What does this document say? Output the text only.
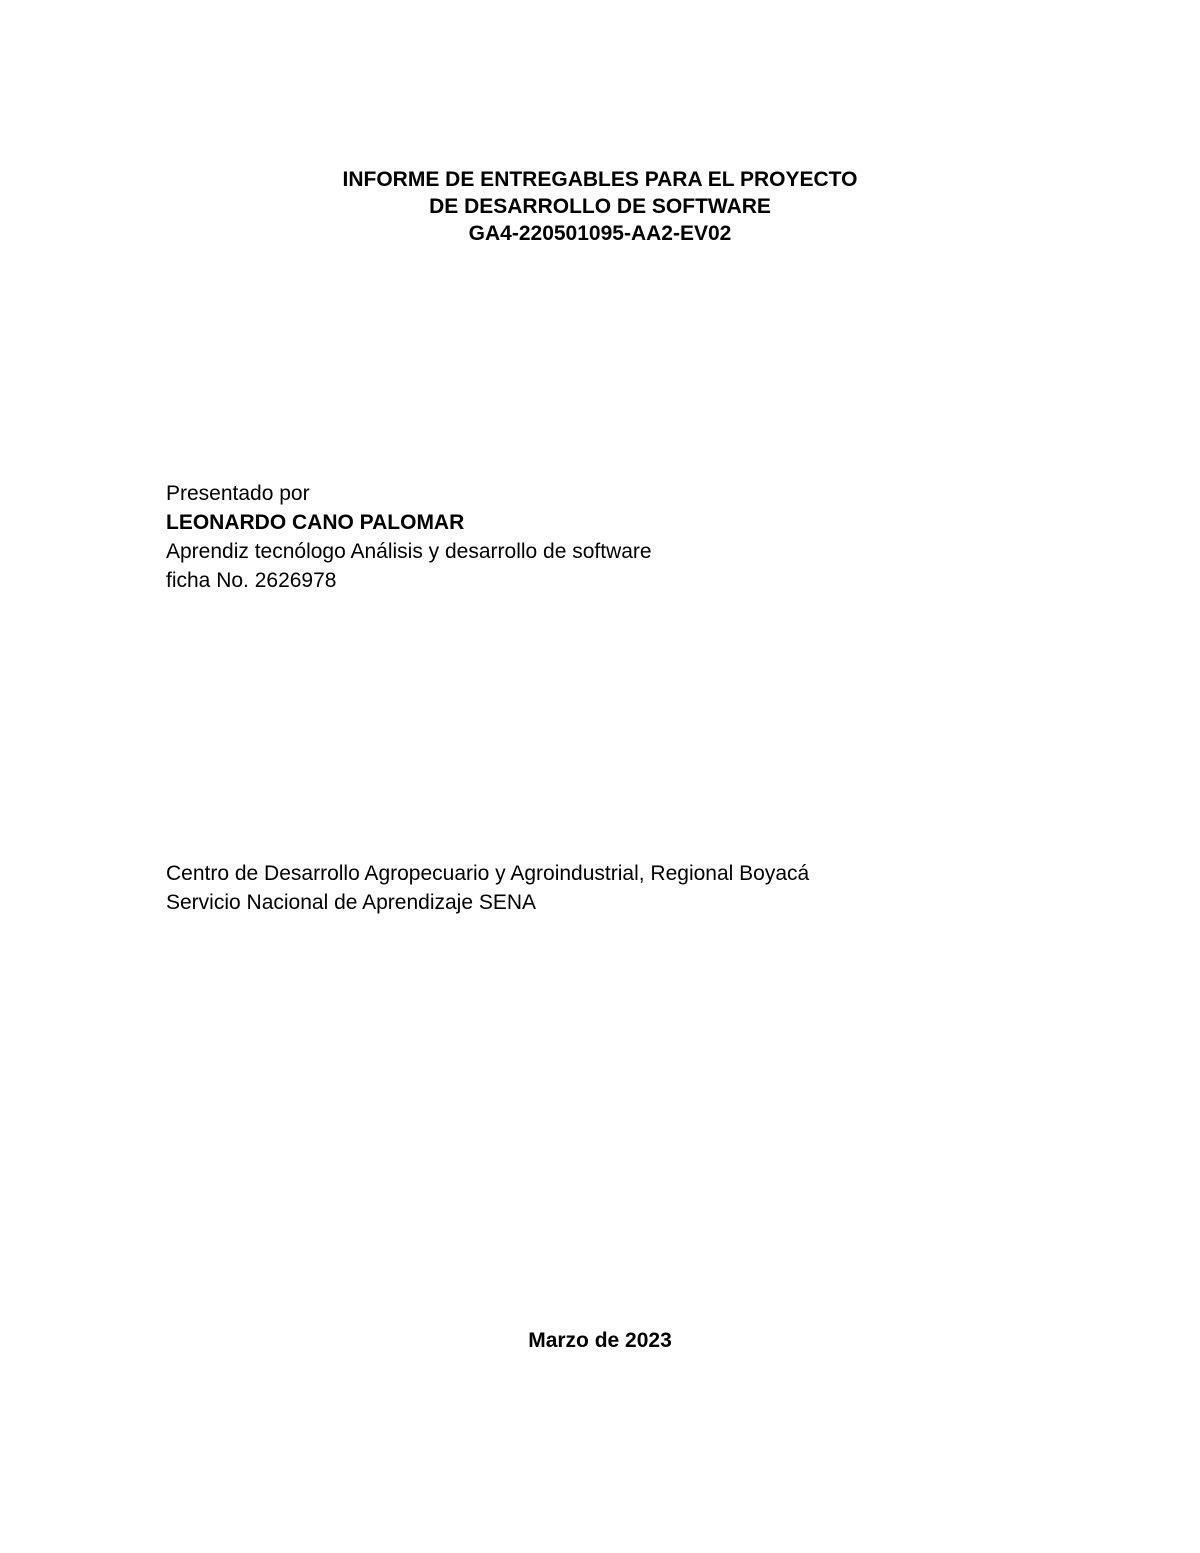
INFORME DE ENTREGABLES PARA EL PROYECTO
DE DESARROLLO DE SOFTWARE
GA4-220501095-AA2-EV02
Presentado por
LEONARDO CANO PALOMAR
Aprendiz tecnólogo Análisis y desarrollo de software
ficha No. 2626978
Centro de Desarrollo Agropecuario y Agroindustrial, Regional Boyacá
Servicio Nacional de Aprendizaje SENA
Marzo de 2023
